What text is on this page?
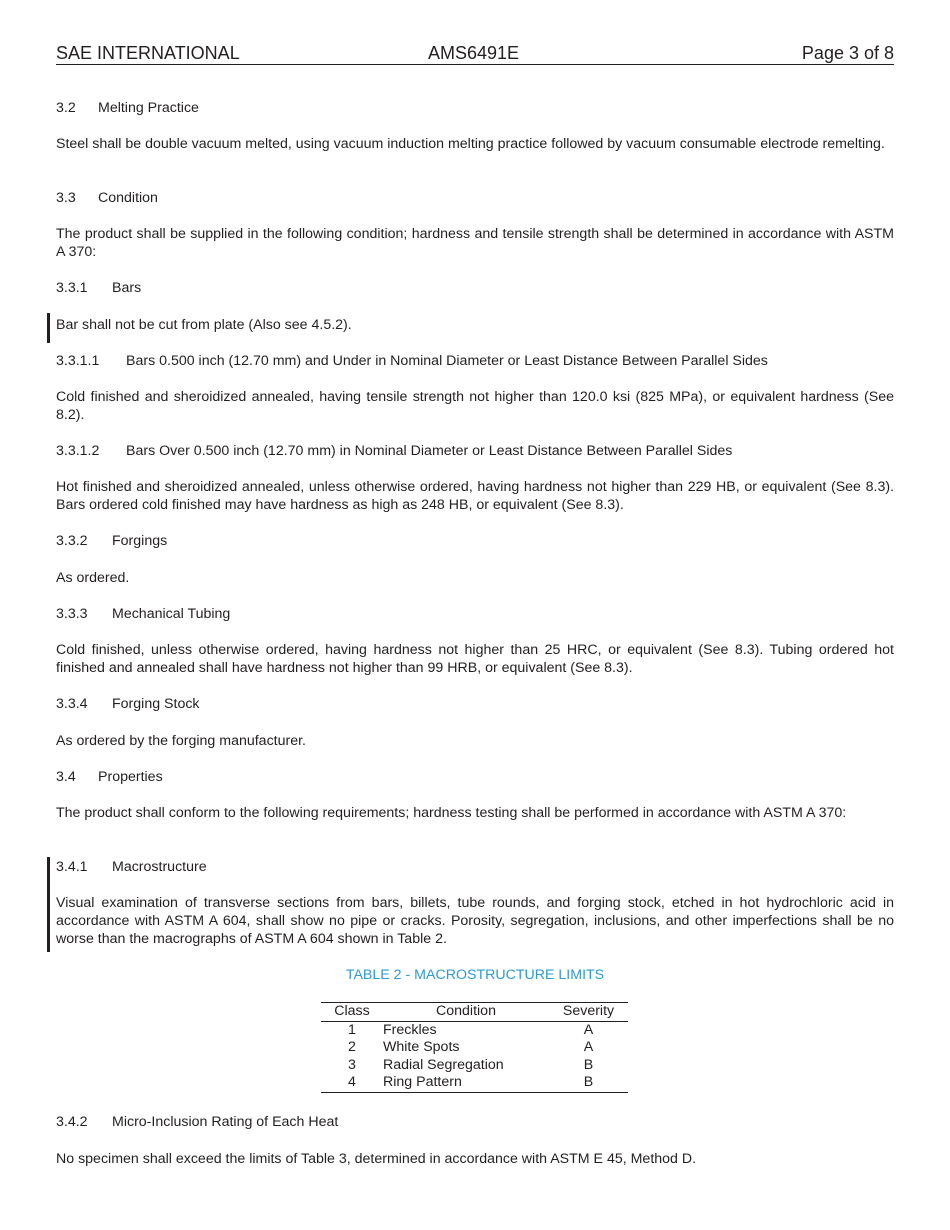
SAE INTERNATIONAL	AMS6491E	Page 3 of 8
3.2 Melting Practice

Steel shall be double vacuum melted, using vacuum induction melting practice followed by vacuum consumable electrode remelting.

3.3 Condition

The product shall be supplied in the following condition; hardness and tensile strength shall be determined in accordance with ASTM A 370:

3.3.1 Bars

Bar shall not be cut from plate (Also see 4.5.2).

3.3.1.1 Bars 0.500 inch (12.70 mm) and Under in Nominal Diameter or Least Distance Between Parallel Sides

Cold finished and sheroidized annealed, having tensile strength not higher than 120.0 ksi (825 MPa), or equivalent hardness (See 8.2).

3.3.1.2 Bars Over 0.500 inch (12.70 mm) in Nominal Diameter or Least Distance Between Parallel Sides

Hot finished and sheroidized annealed, unless otherwise ordered, having hardness not higher than 229 HB, or equivalent (See 8.3). Bars ordered cold finished may have hardness as high as 248 HB, or equivalent (See 8.3).

3.3.2 Forgings

As ordered.

3.3.3 Mechanical Tubing

Cold finished, unless otherwise ordered, having hardness not higher than 25 HRC, or equivalent (See 8.3). Tubing ordered hot finished and annealed shall have hardness not higher than 99 HRB, or equivalent (See 8.3).

3.3.4 Forging Stock

As ordered by the forging manufacturer.

3.4 Properties

The product shall conform to the following requirements; hardness testing shall be performed in accordance with ASTM A 370:

3.4.1 Macrostructure

Visual examination of transverse sections from bars, billets, tube rounds, and forging stock, etched in hot hydrochloric acid in accordance with ASTM A 604, shall show no pipe or cracks. Porosity, segregation, inclusions, and other imperfections shall be no worse than the macrographs of ASTM A 604 shown in Table 2.

TABLE 2 - MACROSTRUCTURE LIMITS
Class	Condition	Severity
1	Freckles	A
2	White Spots	A
3	Radial Segregation	B
4	Ring Pattern	B
3.4.2 Micro-Inclusion Rating of Each Heat

No specimen shall exceed the limits of Table 3, determined in accordance with ASTM E 45, Method D.
